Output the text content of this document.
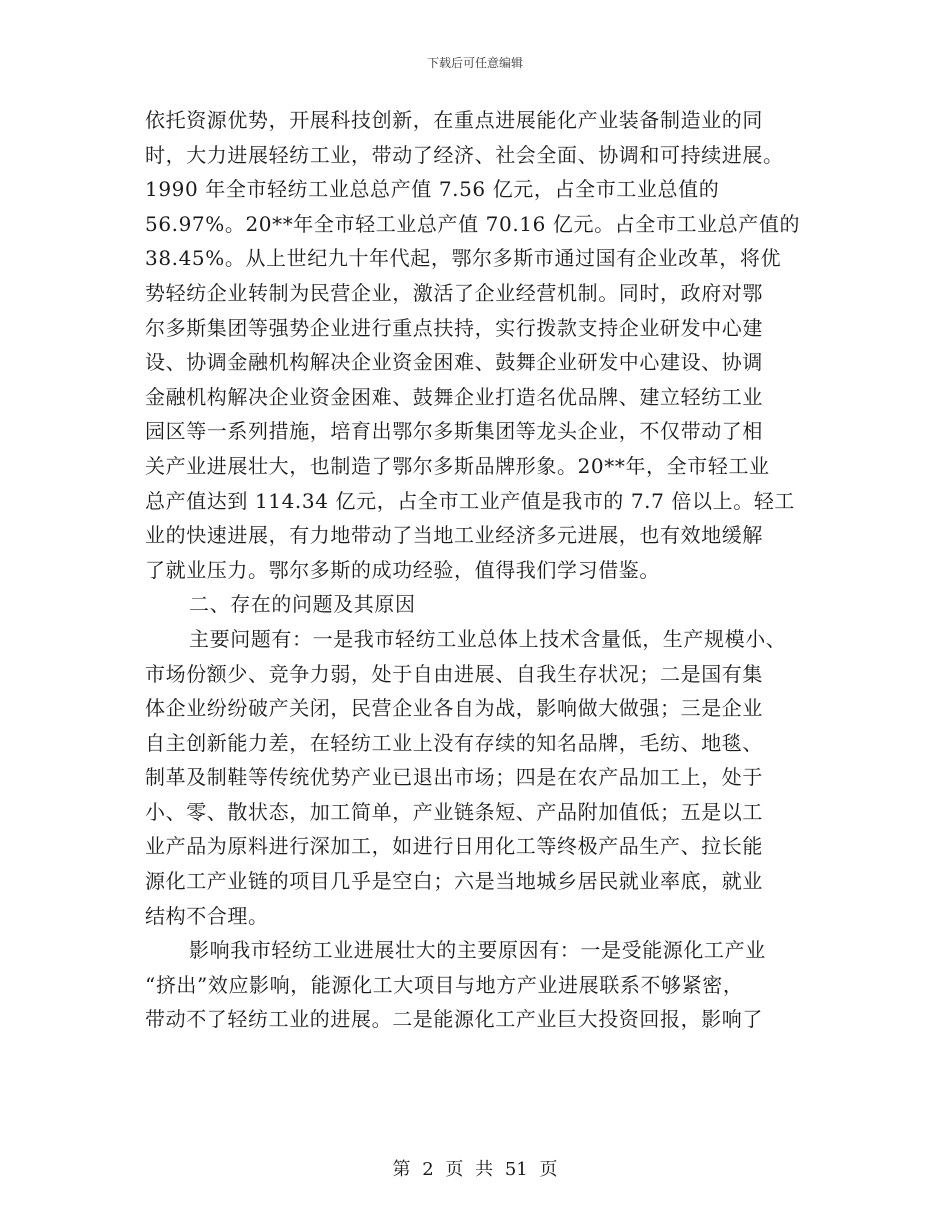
下载后可任意编辑
依托资源优势，开展科技创新，在重点进展能化产业装备制造业的同
时，大力进展轻纺工业，带动了经济、社会全面、协调和可持续进展。
1990 年全市轻纺工业总总产值 7.56 亿元，占全市工业总值的
56.97%。20**年全市轻工业总产值 70.16 亿元。占全市工业总产值的
38.45%。从上世纪九十年代起，鄂尔多斯市通过国有企业改革，将优
势轻纺企业转制为民营企业，激活了企业经营机制。同时，政府对鄂
尔多斯集团等强势企业进行重点扶持，实行拨款支持企业研发中心建
设、协调金融机构解决企业资金困难、鼓舞企业研发中心建设、协调
金融机构解决企业资金困难、鼓舞企业打造名优品牌、建立轻纺工业
园区等一系列措施，培育出鄂尔多斯集团等龙头企业，不仅带动了相
关产业进展壮大，也制造了鄂尔多斯品牌形象。20**年，全市轻工业
总产值达到 114.34 亿元，占全市工业产值是我市的 7.7 倍以上。轻工
业的快速进展，有力地带动了当地工业经济多元进展，也有效地缓解
了就业压力。鄂尔多斯的成功经验，值得我们学习借鉴。
二、存在的问题及其原因
主要问题有：一是我市轻纺工业总体上技术含量低，生产规模小、
市场份额少、竞争力弱，处于自由进展、自我生存状况；二是国有集
体企业纷纷破产关闭，民营企业各自为战，影响做大做强；三是企业
自主创新能力差，在轻纺工业上没有存续的知名品牌，毛纺、地毯、
制革及制鞋等传统优势产业已退出市场；四是在农产品加工上，处于
小、零、散状态，加工简单，产业链条短、产品附加值低；五是以工
业产品为原料进行深加工，如进行日用化工等终极产品生产、拉长能
源化工产业链的项目几乎是空白；六是当地城乡居民就业率底，就业
结构不合理。
影响我市轻纺工业进展壮大的主要原因有：一是受能源化工产业
“挤出”效应影响，能源化工大项目与地方产业进展联系不够紧密，
带动不了轻纺工业的进展。二是能源化工产业巨大投资回报，影响了
第 2 页 共 51 页
